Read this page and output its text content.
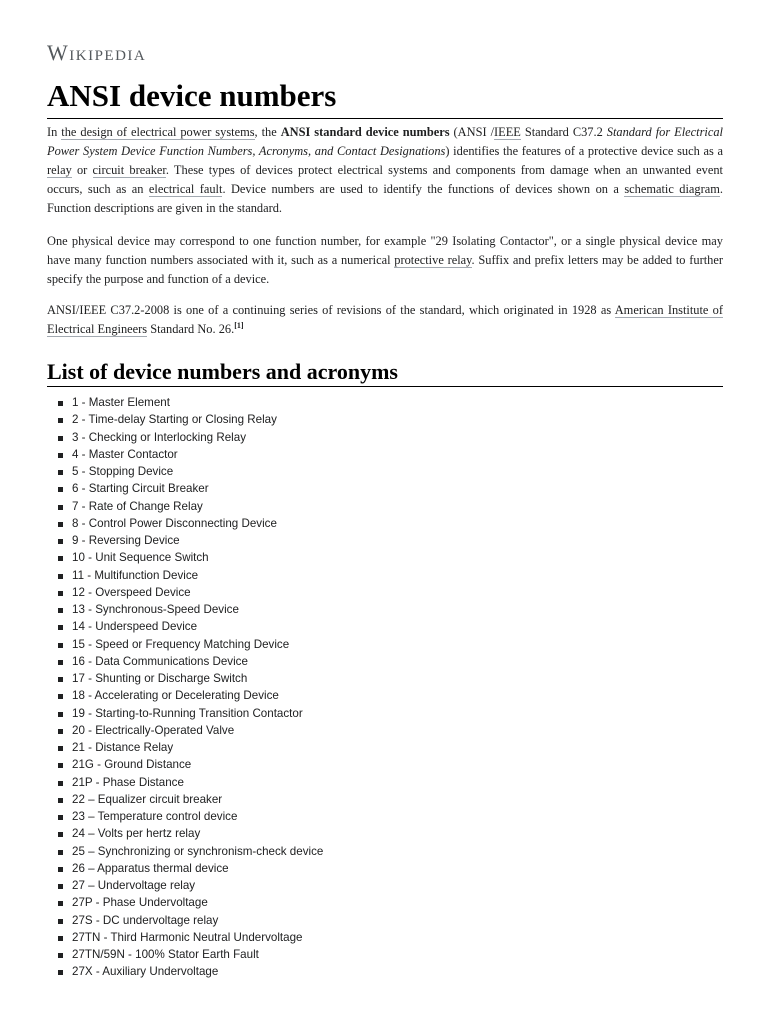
Wikipedia
ANSI device numbers
In the design of electrical power systems, the ANSI standard device numbers (ANSI /IEEE Standard C37.2 Standard for Electrical Power System Device Function Numbers, Acronyms, and Contact Designations) identifies the features of a protective device such as a relay or circuit breaker. These types of devices protect electrical systems and components from damage when an unwanted event occurs, such as an electrical fault. Device numbers are used to identify the functions of devices shown on a schematic diagram. Function descriptions are given in the standard.
One physical device may correspond to one function number, for example "29 Isolating Contactor", or a single physical device may have many function numbers associated with it, such as a numerical protective relay. Suffix and prefix letters may be added to further specify the purpose and function of a device.
ANSI/IEEE C37.2-2008 is one of a continuing series of revisions of the standard, which originated in 1928 as American Institute of Electrical Engineers Standard No. 26.[1]
List of device numbers and acronyms
1 - Master Element
2 - Time-delay Starting or Closing Relay
3 - Checking or Interlocking Relay
4 - Master Contactor
5 - Stopping Device
6 - Starting Circuit Breaker
7 - Rate of Change Relay
8 - Control Power Disconnecting Device
9 - Reversing Device
10 - Unit Sequence Switch
11 - Multifunction Device
12 - Overspeed Device
13 - Synchronous-Speed Device
14 - Underspeed Device
15 - Speed or Frequency Matching Device
16 - Data Communications Device
17 - Shunting or Discharge Switch
18 - Accelerating or Decelerating Device
19 - Starting-to-Running Transition Contactor
20 - Electrically-Operated Valve
21 - Distance Relay
21G - Ground Distance
21P - Phase Distance
22 – Equalizer circuit breaker
23 – Temperature control device
24 – Volts per hertz relay
25 – Synchronizing or synchronism-check device
26 – Apparatus thermal device
27 – Undervoltage relay
27P - Phase Undervoltage
27S - DC undervoltage relay
27TN - Third Harmonic Neutral Undervoltage
27TN/59N - 100% Stator Earth Fault
27X - Auxiliary Undervoltage
